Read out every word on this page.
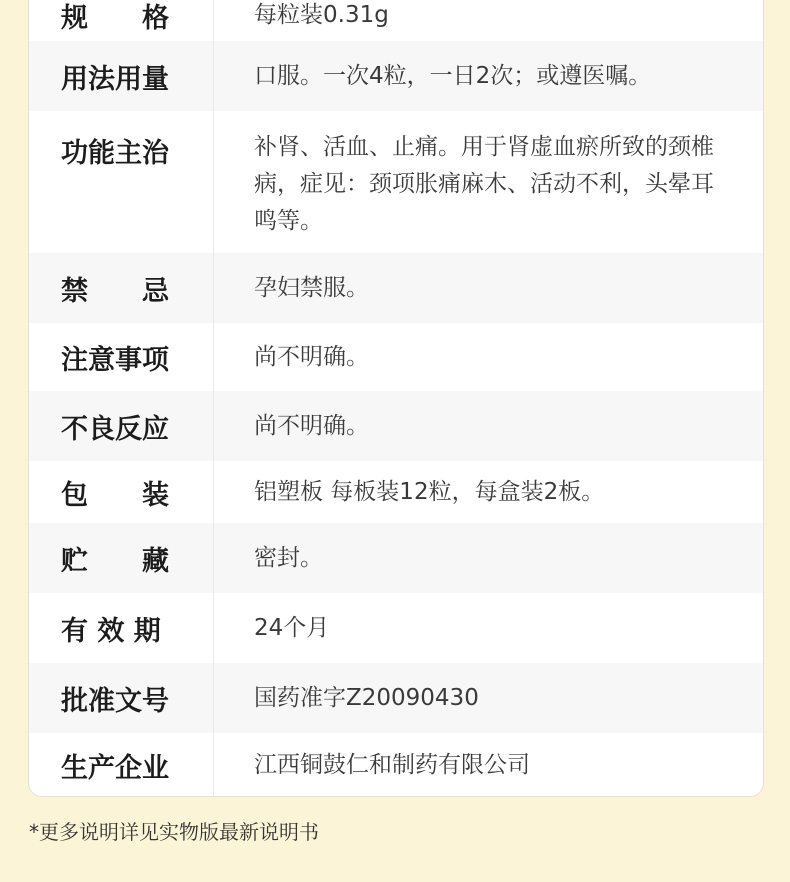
规　　格	每粒装0.31g
用法用量	口服。一次4粒，一日2次；或遵医嘱。
功能主治	补肾、活血、止痛。用于肾虚血瘀所致的颈椎病，症见：颈项胀痛麻木、活动不利，头晕耳鸣等。
禁　　忌	孕妇禁服。
注意事项	尚不明确。
不良反应	尚不明确。
包　　装	铝塑板 每板装12粒，每盒装2板。
贮　　藏	密封。
有 效 期	24个月
批准文号	国药准字Z20090430
生产企业	江西铜鼓仁和制药有限公司
*更多说明详见实物版最新说明书
